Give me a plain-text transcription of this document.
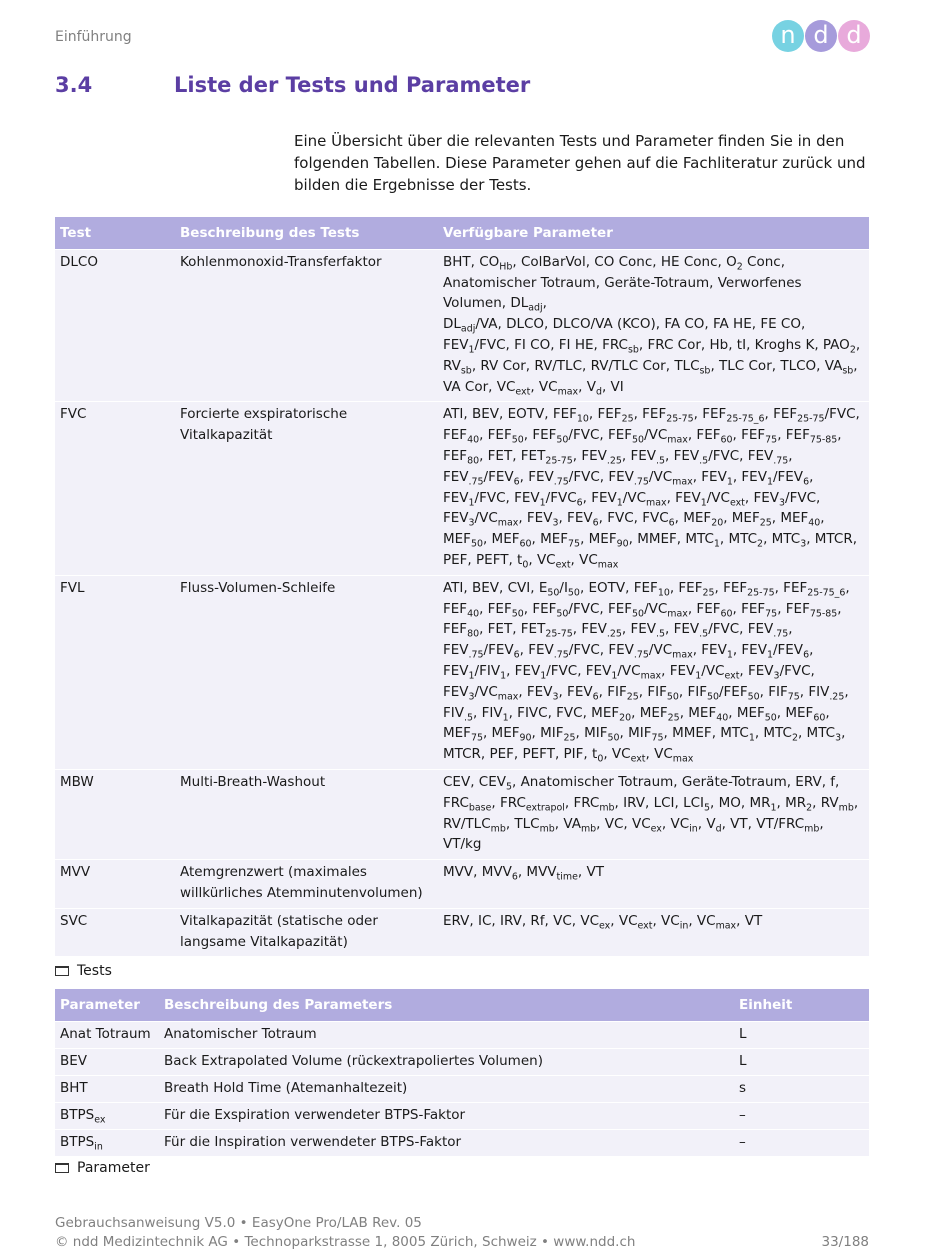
Einführung	n d d
3.4	Liste der Tests und Parameter
Eine Übersicht über die relevanten Tests und Parameter finden Sie in den folgenden Tabellen. Diese Parameter gehen auf die Fachliteratur zurück und bilden die Ergebnisse der Tests.
Test	Beschreibung des Tests	Verfügbare Parameter
DLCO	Kohlenmonoxid-Transferfaktor	BHT, $CO_{Hb}$, ColBarVol, CO Conc, HE Conc, $O_2$ Conc, Anatomischer Totraum, Geräte-Totraum, Verworfenes Volumen, $DL_{adj}$,
$DL_{adj}/VA$, DLCO, DLCO/VA (KCO), FA CO, FA HE, FE CO, $FEV_1$/FVC, FI CO, FI HE, $FRC_{sb}$, FRC Cor, Hb, tI, Kroghs K, $PAO_2$, $RV_{sb}$, RV Cor, RV/TLC, RV/TLC Cor, $TLC_{sb}$, TLC Cor, TLCO, $VA_{sb}$, VA Cor, $VC_{ext}$, $VC_{max}$, $V_d$, VI
FVC	Forcierte exspiratorische Vitalkapazität	ATI, BEV, EOTV, $FEF_{10}$, $FEF_{25}$, $FEF_{25-75}$, $FEF_{25-75\_6}$, $FEF_{25-75}$/FVC, $FEF_{40}$, $FEF_{50}$, $FEF_{50}$/FVC, $FEF_{50}/VC_{max}$, $FEF_{60}$, $FEF_{75}$, $FEF_{75-85}$, $FEF_{80}$, FET, $FET_{25-75}$, $FEV_{.25}$, $FEV_{.5}$, $FEV_{.5}$/FVC, $FEV_{.75}$, $FEV_{.75}/FEV_6$, $FEV_{.75}$/FVC, $FEV_{.75}/VC_{max}$, $FEV_1$, $FEV_1/FEV_6$, $FEV_1$/FVC, $FEV_1/FVC_6$, $FEV_1/VC_{max}$, $FEV_1/VC_{ext}$, $FEV_3$/FVC, $FEV_3/VC_{max}$, $FEV_3$, $FEV_6$, FVC, $FVC_6$, $MEF_{20}$, $MEF_{25}$, $MEF_{40}$, $MEF_{50}$, $MEF_{60}$, $MEF_{75}$, $MEF_{90}$, MMEF, $MTC_1$, $MTC_2$, $MTC_3$, MTCR, PEF, PEFT, $t_0$, $VC_{ext}$, $VC_{max}$
FVL	Fluss-Volumen-Schleife	ATI, BEV, CVI, $E_{50}/I_{50}$, EOTV, $FEF_{10}$, $FEF_{25}$, $FEF_{25-75}$, $FEF_{25-75\_6}$, $FEF_{40}$, $FEF_{50}$, $FEF_{50}$/FVC, $FEF_{50}/VC_{max}$, $FEF_{60}$, $FEF_{75}$, $FEF_{75-85}$, $FEF_{80}$, FET, $FET_{25-75}$, $FEV_{.25}$, $FEV_{.5}$, $FEV_{.5}$/FVC, $FEV_{.75}$, $FEV_{.75}/FEV_6$, $FEV_{.75}$/FVC, $FEV_{.75}/VC_{max}$, $FEV_1$, $FEV_1/FEV_6$, $FEV_1/FIV_1$, $FEV_1$/FVC, $FEV_1/VC_{max}$, $FEV_1/VC_{ext}$, $FEV_3$/FVC, $FEV_3/VC_{max}$, $FEV_3$, $FEV_6$, $FIF_{25}$, $FIF_{50}$, $FIF_{50}/FEF_{50}$, $FIF_{75}$, $FIV_{.25}$, $FIV_{.5}$, $FIV_1$, FIVC, FVC, $MEF_{20}$, $MEF_{25}$, $MEF_{40}$, $MEF_{50}$, $MEF_{60}$, $MEF_{75}$, $MEF_{90}$, $MIF_{25}$, $MIF_{50}$, $MIF_{75}$, MMEF, $MTC_1$, $MTC_2$, $MTC_3$, MTCR, PEF, PEFT, PIF, $t_0$, $VC_{ext}$, $VC_{max}$
MBW	Multi-Breath-Washout	CEV, $CEV_5$, Anatomischer Totraum, Geräte-Totraum, ERV, f, $FRC_{base}$, $FRC_{extrapol}$, $FRC_{mb}$, IRV, LCI, $LCI_5$, MO, $MR_1$, $MR_2$, $RV_{mb}$, $RV/TLC_{mb}$, $TLC_{mb}$, $VA_{mb}$, VC, $VC_{ex}$, $VC_{in}$, $V_d$, VT, $VT/FRC_{mb}$, VT/kg
MVV	Atemgrenzwert (maximales willkürliches Atemminutenvolumen)	MVV, $MVV_6$, $MVV_{time}$, VT
SVC	Vitalkapazität (statische oder langsame Vitalkapazität)	ERV, IC, IRV, Rf, VC, $VC_{ex}$, $VC_{ext}$, $VC_{in}$, $VC_{max}$, VT
Tests
Parameter	Beschreibung des Parameters	Einheit
Anat Totraum	Anatomischer Totraum	L
BEV	Back Extrapolated Volume (rückextrapoliertes Volumen)	L
BHT	Breath Hold Time (Atemanhaltezeit)	s
$BTPS_{ex}$	Für die Exspiration verwendeter BTPS-Faktor	–
$BTPS_{in}$	Für die Inspiration verwendeter BTPS-Faktor	–
Parameter
Gebrauchsanweisung V5.0 • EasyOne Pro/LAB Rev. 05
© ndd Medizintechnik AG • Technoparkstrasse 1, 8005 Zürich, Schweiz • www.ndd.ch	33/188
